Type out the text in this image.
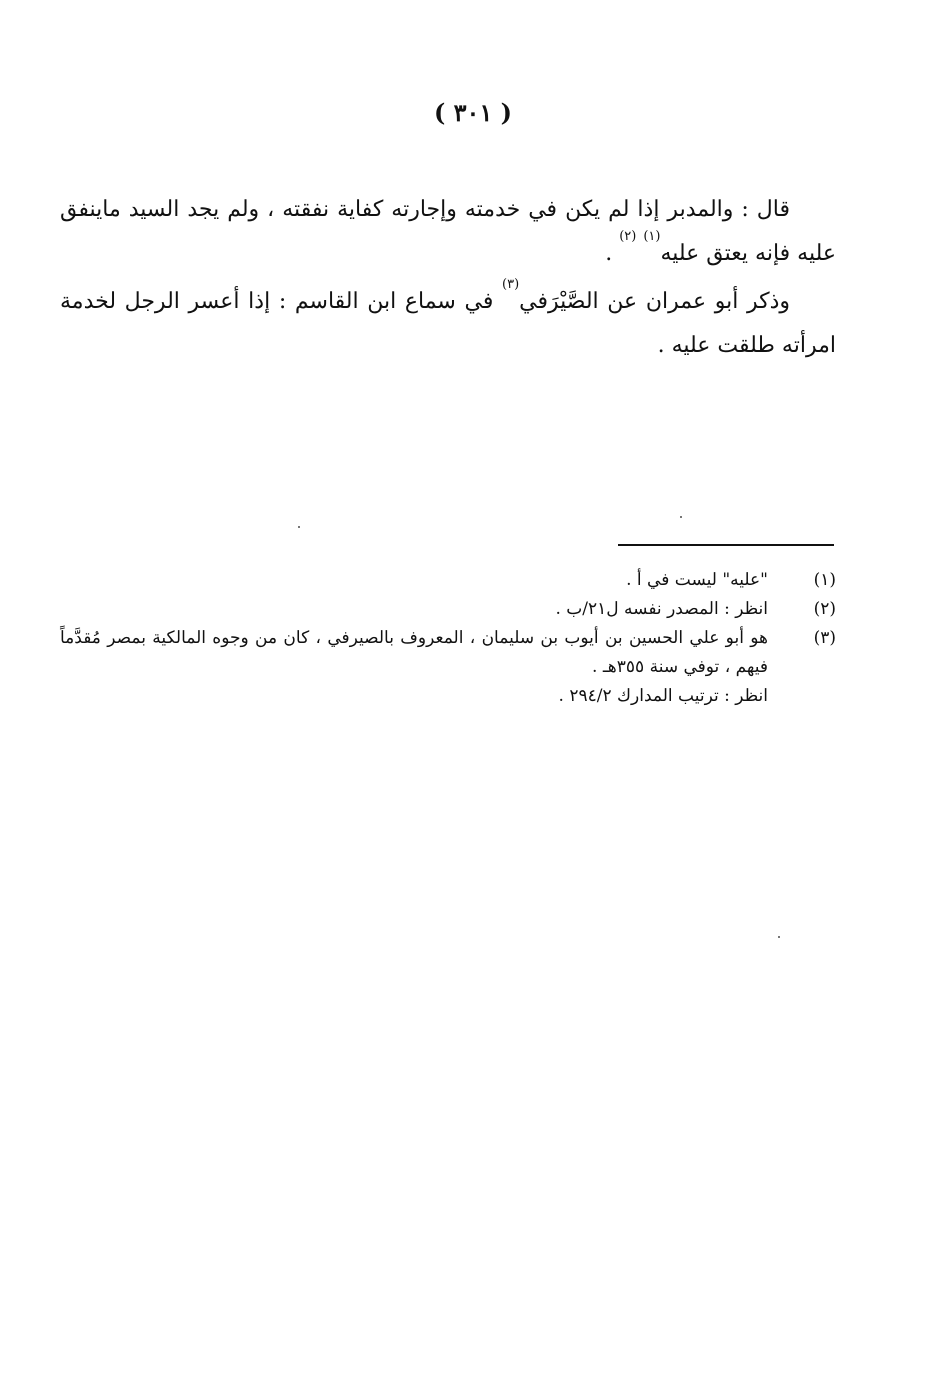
( ٣٠١ )

قال : والمدبر إذا لم يكن في خدمته وإجارته كفاية نفقته ، ولم يجد السيد ماينفق عليه فإنه يعتق عليه$^{(١)}$ $^{(٢)}$ .

وذكر أبو عمران عن الصَّيْرَفي$^{(٣)}$ في سماع ابن القاسم : إذا أعسر الرجل لخدمة امرأته طلقت عليه .

(١)
"عليه" ليست في أ .
(٢)
انظر : المصدر نفسه ل٢١/ب .
(٣)
هو أبو علي الحسين بن أيوب بن سليمان ، المعروف بالصيرفي ، كان من وجوه المالكية بمصر مُقدَّماً فيهم ، توفي سنة ٣٥٥هـ .
انظر : ترتيب المدارك ٢٩٤/٢ .
